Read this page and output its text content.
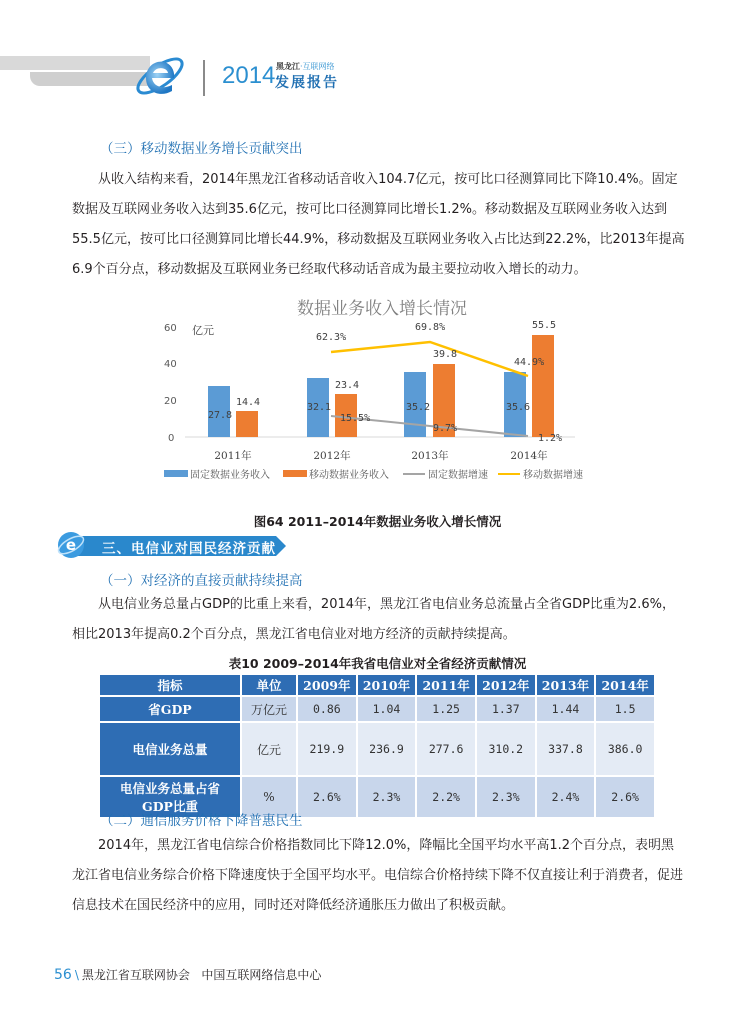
2014 黑龙江·互联网络
发展报告
（三）移动数据业务增长贡献突出
从收入结构来看，2014年黑龙江省移动话音收入104.7亿元，按可比口径测算同比下降10.4%。固定数据及互联网业务收入达到35.6亿元，按可比口径测算同比增长1.2%。移动数据及互联网业务收入达到55.5亿元，按可比口径测算同比增长44.9%，移动数据及互联网业务收入占比达到22.2%，比2013年提高6.9个百分点，移动数据及互联网业务已经取代移动话音成为最主要拉动收入增长的动力。
数据业务收入增长情况
60
40
20
0
亿元
27.8
32.1	35.2	35.6
14.4
23.4
39.8
55.5
15.5%
9.7%
1.2%
62.3%
69.8%
44.9%
2011年	2012年	2013年	2014年
固定数据业务收入	移动数据业务收入	固定数据增速	移动数据增速
图64 2011–2014年数据业务收入增长情况
e 三、电信业对国民经济贡献
（一）对经济的直接贡献持续提高
从电信业务总量占GDP的比重上来看，2014年，黑龙江省电信业务总流量占全省GDP比重为2.6%，相比2013年提高0.2个百分点，黑龙江省电信业对地方经济的贡献持续提高。
表10 2009–2014年我省电信业对全省经济贡献情况
指标	单位	2009年	2010年	2011年	2012年	2013年	2014年
省GDP	万亿元	0.86	1.04	1.25	1.37	1.44	1.5
电信业务总量	亿元	219.9	236.9	277.6	310.2	337.8	386.0
电信业务总量占省
GDP比重	%	2.6%	2.3%	2.2%	2.3%	2.4%	2.6%
（二）通信服务价格下降普惠民生
2014年，黑龙江省电信综合价格指数同比下降12.0%，降幅比全国平均水平高1.2个百分点，表明黑龙江省电信业务综合价格下降速度快于全国平均水平。电信综合价格持续下降不仅直接让利于消费者，促进信息技术在国民经济中的应用，同时还对降低经济通胀压力做出了积极贡献。
56 \ 黑龙江省互联网协会 中国互联网络信息中心
